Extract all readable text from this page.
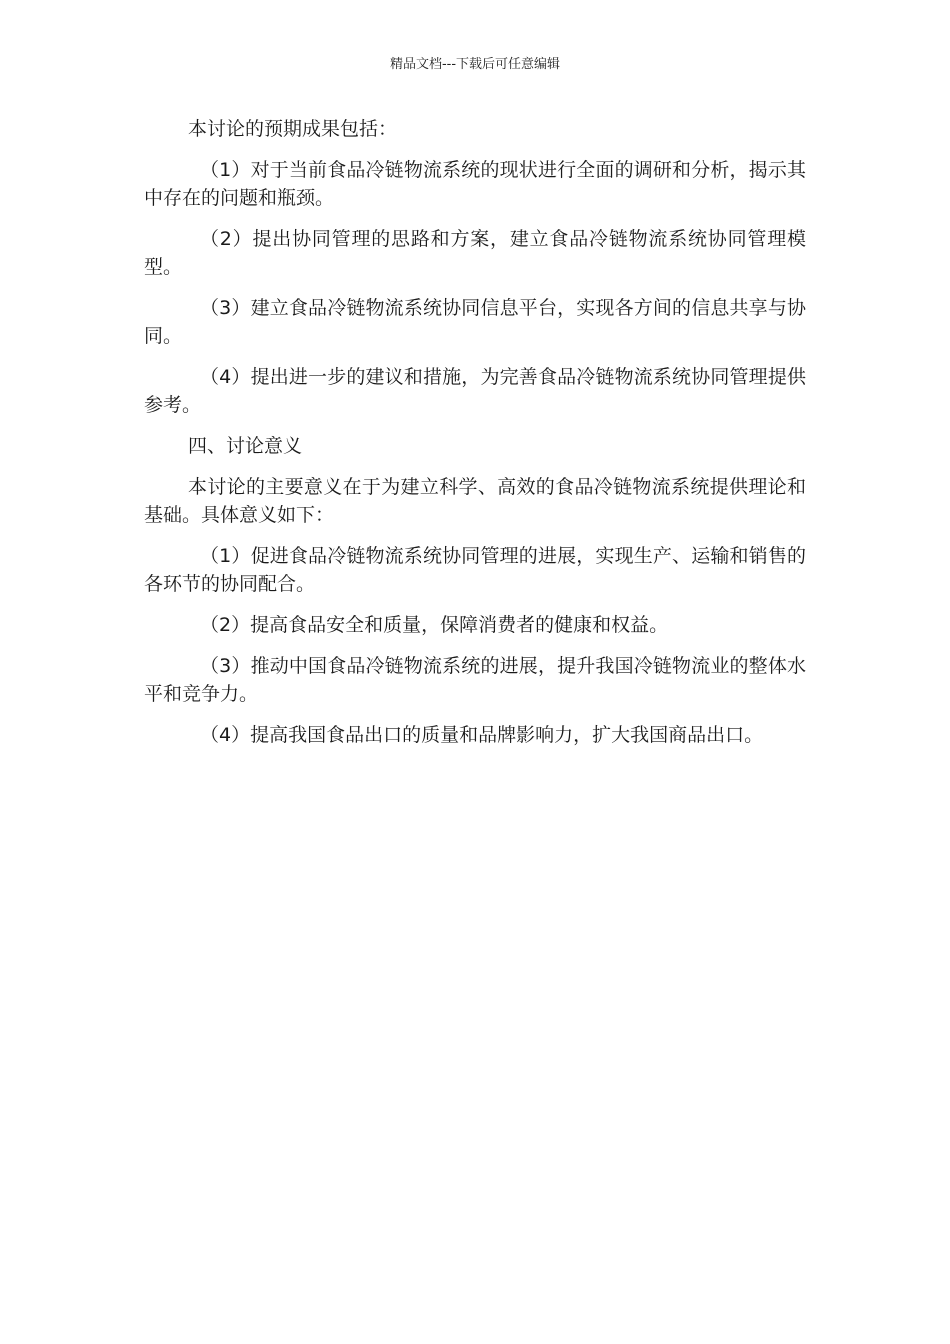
精品文档---下载后可任意编辑

本讨论的预期成果包括：

（1）对于当前食品冷链物流系统的现状进行全面的调研和分析，揭示其中存在的问题和瓶颈。

（2）提出协同管理的思路和方案，建立食品冷链物流系统协同管理模型。

（3）建立食品冷链物流系统协同信息平台，实现各方间的信息共享与协同。

（4）提出进一步的建议和措施，为完善食品冷链物流系统协同管理提供参考。

四、讨论意义

本讨论的主要意义在于为建立科学、高效的食品冷链物流系统提供理论和基础。具体意义如下：

（1）促进食品冷链物流系统协同管理的进展，实现生产、运输和销售的各环节的协同配合。

（2）提高食品安全和质量，保障消费者的健康和权益。

（3）推动中国食品冷链物流系统的进展，提升我国冷链物流业的整体水平和竞争力。

（4）提高我国食品出口的质量和品牌影响力，扩大我国商品出口。
